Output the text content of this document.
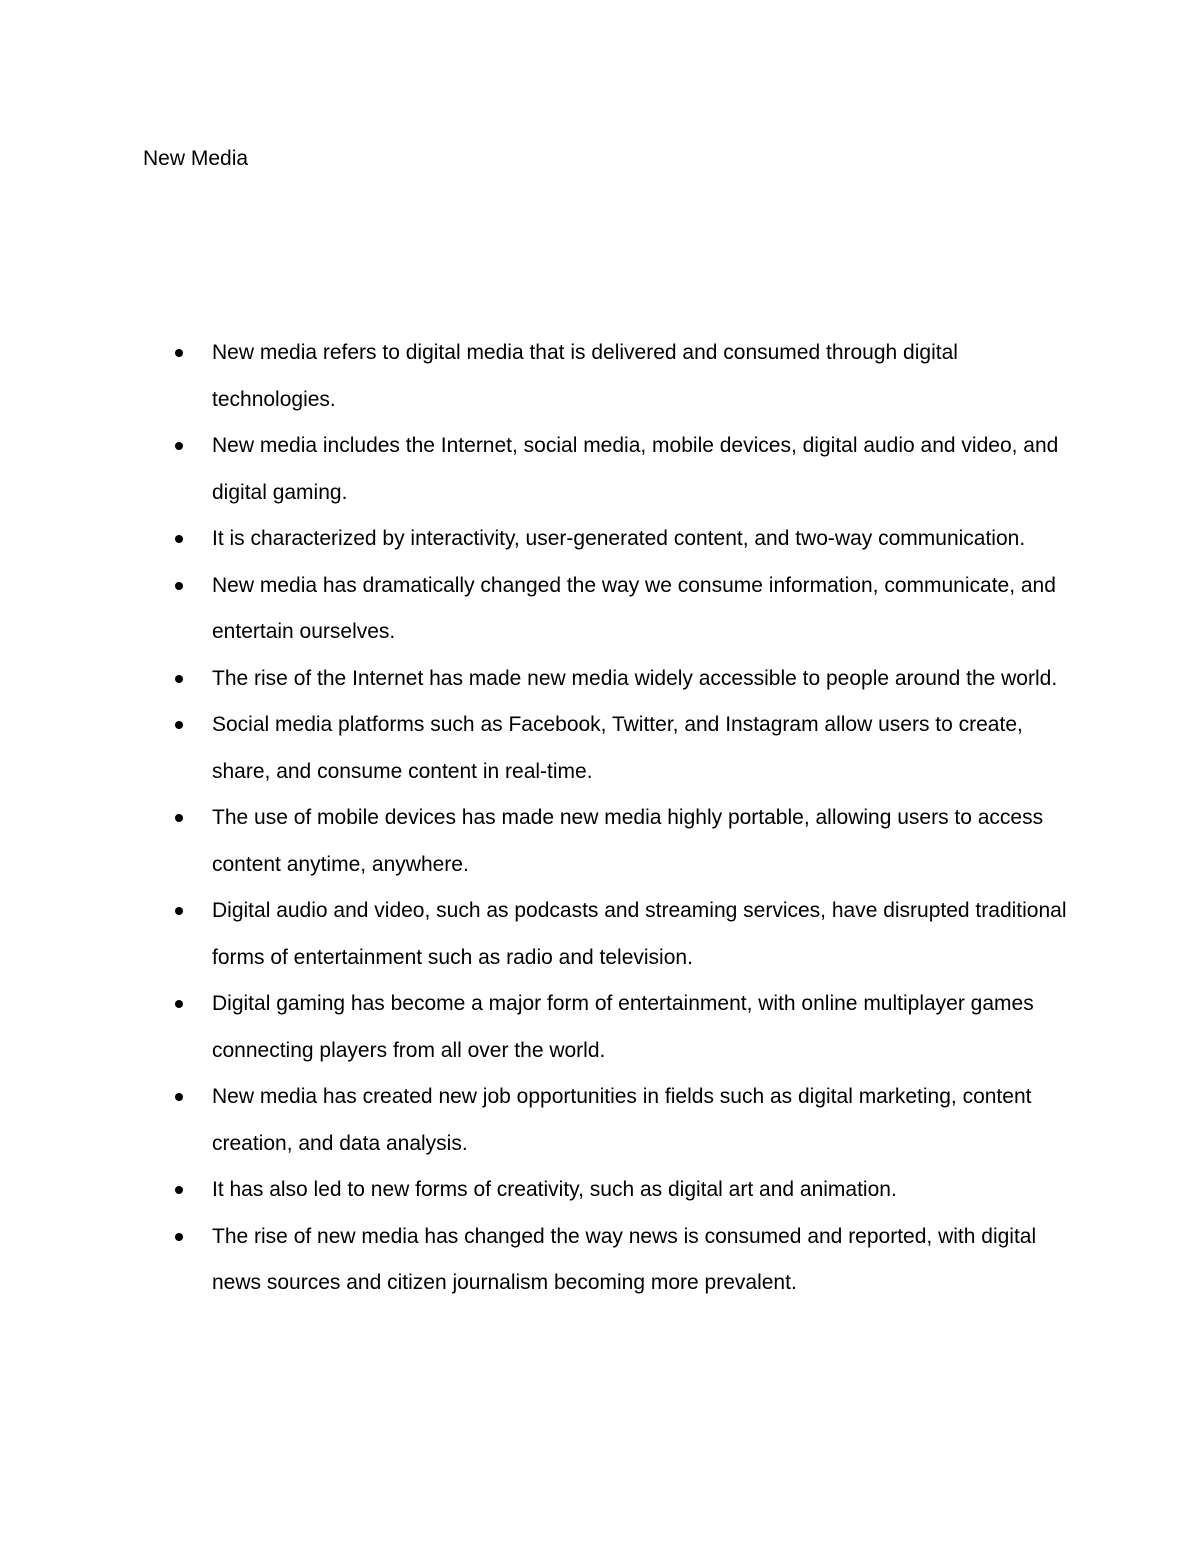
New Media
New media refers to digital media that is delivered and consumed through digital technologies.
New media includes the Internet, social media, mobile devices, digital audio and video, and digital gaming.
It is characterized by interactivity, user-generated content, and two-way communication.
New media has dramatically changed the way we consume information, communicate, and entertain ourselves.
The rise of the Internet has made new media widely accessible to people around the world.
Social media platforms such as Facebook, Twitter, and Instagram allow users to create, share, and consume content in real-time.
The use of mobile devices has made new media highly portable, allowing users to access content anytime, anywhere.
Digital audio and video, such as podcasts and streaming services, have disrupted traditional forms of entertainment such as radio and television.
Digital gaming has become a major form of entertainment, with online multiplayer games connecting players from all over the world.
New media has created new job opportunities in fields such as digital marketing, content creation, and data analysis.
It has also led to new forms of creativity, such as digital art and animation.
The rise of new media has changed the way news is consumed and reported, with digital news sources and citizen journalism becoming more prevalent.
